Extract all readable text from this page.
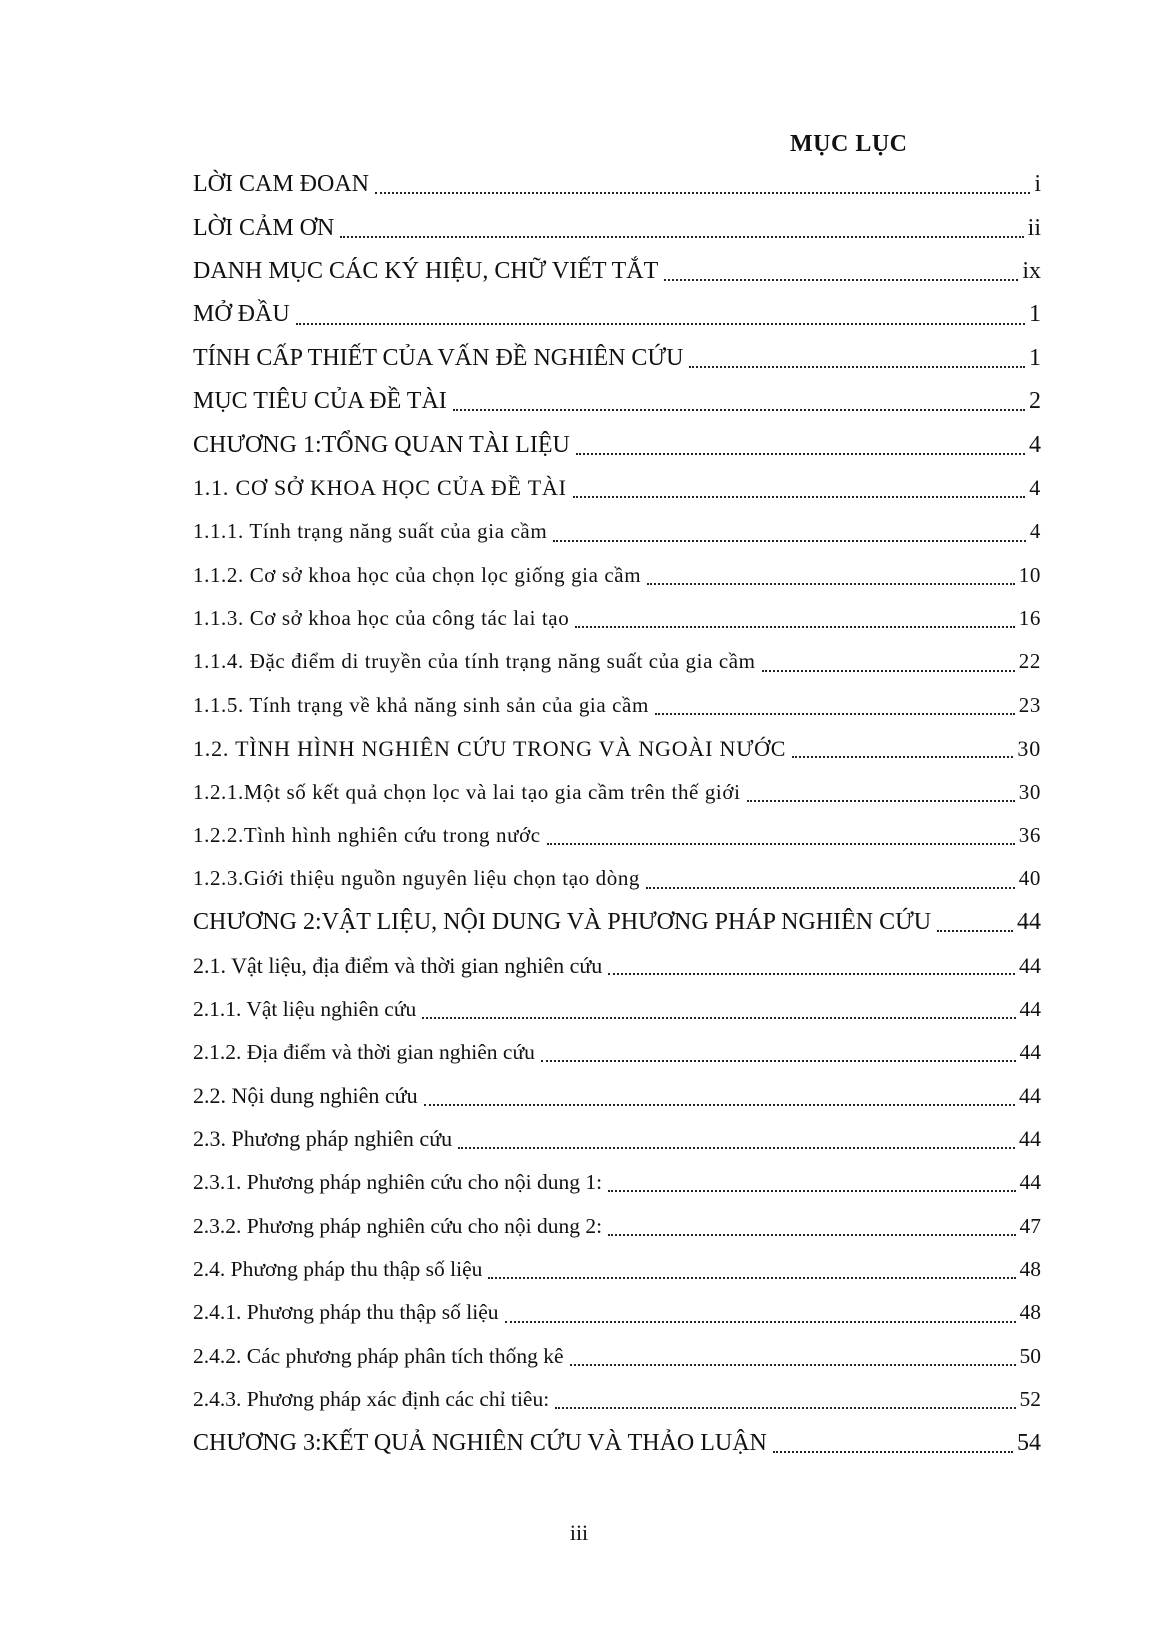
MỤC LỤC
LỜI CAM ĐOAN	i
LỜI CẢM ƠN	ii
DANH MỤC CÁC KÝ HIỆU, CHỮ VIẾT TẮT	ix
MỞ ĐẦU	1
TÍNH CẤP THIẾT CỦA VẤN ĐỀ NGHIÊN CỨU	1
MỤC TIÊU CỦA ĐỀ TÀI	2
CHƯƠNG 1:TỔNG QUAN TÀI LIỆU	4
1.1. CƠ SỞ KHOA HỌC CỦA ĐỀ TÀI	4
1.1.1. Tính trạng năng suất của gia cầm	4
1.1.2. Cơ sở khoa học của chọn lọc giống gia cầm	10
1.1.3. Cơ sở khoa học của công tác lai tạo	16
1.1.4. Đặc điểm di truyền của tính trạng năng suất của gia cầm	22
1.1.5. Tính trạng về khả năng sinh sản của gia cầm	23
1.2. TÌNH HÌNH NGHIÊN CỨU TRONG VÀ NGOÀI NƯỚC	30
1.2.1.Một số kết quả chọn lọc và lai tạo gia cầm trên thế giới	30
1.2.2.Tình hình nghiên cứu trong nước	36
1.2.3.Giới thiệu nguồn nguyên liệu chọn tạo dòng	40
CHƯƠNG 2:VẬT LIỆU, NỘI DUNG VÀ PHƯƠNG PHÁP NGHIÊN CỨU	44
2.1. Vật liệu, địa điểm và thời gian nghiên cứu	44
2.1.1. Vật liệu nghiên cứu	44
2.1.2. Địa điểm và thời gian nghiên cứu	44
2.2. Nội dung nghiên cứu	44
2.3. Phương pháp nghiên cứu	44
2.3.1. Phương pháp nghiên cứu cho nội dung 1:	44
2.3.2. Phương pháp nghiên cứu cho nội dung 2:	47
2.4. Phương pháp thu thập số liệu	48
2.4.1. Phương pháp thu thập số liệu	48
2.4.2. Các phương pháp phân tích thống kê	50
2.4.3. Phương pháp xác định các chỉ tiêu:	52
CHƯƠNG 3:KẾT QUẢ NGHIÊN CỨU VÀ THẢO LUẬN	54
iii
